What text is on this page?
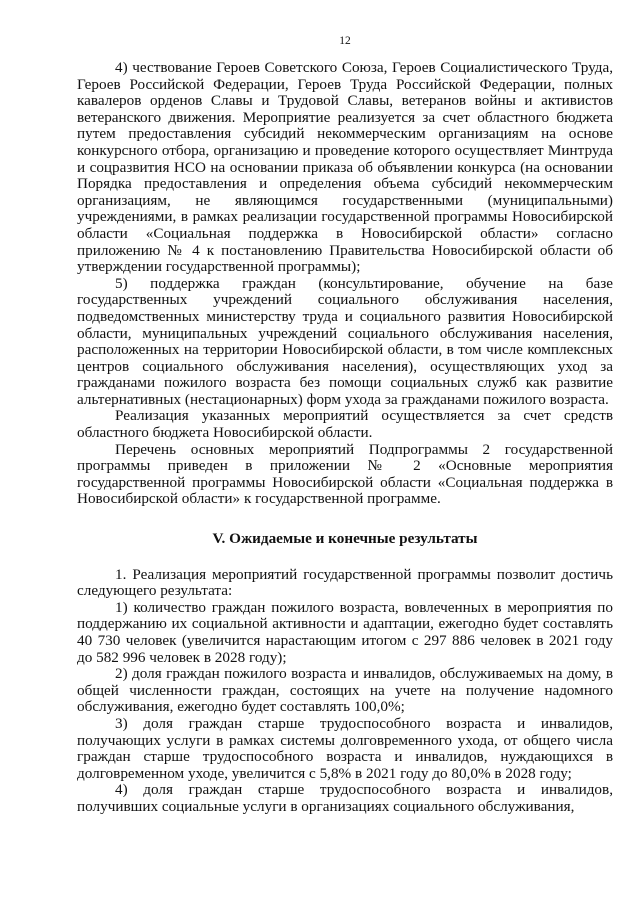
12

4) чествование Героев Советского Союза, Героев Социалистического Труда, Героев Российской Федерации, Героев Труда Российской Федерации, полных кавалеров орденов Славы и Трудовой Славы, ветеранов войны и активистов ветеранского движения. Мероприятие реализуется за счет областного бюджета путем предоставления субсидий некоммерческим организациям на основе конкурсного отбора, организацию и проведение которого осуществляет Минтруда и соцразвития НСО на основании приказа об объявлении конкурса (на основании Порядка предоставления и определения объема субсидий некоммерческим организациям, не являющимся государственными (муниципальными) учреждениями, в рамках реализации государственной программы Новосибирской области «Социальная поддержка в Новосибирской области» согласно приложению № 4 к постановлению Правительства Новосибирской области об утверждении государственной программы);

5) поддержка граждан (консультирование, обучение на базе государственных учреждений социального обслуживания населения, подведомственных министерству труда и социального развития Новосибирской области, муниципальных учреждений социального обслуживания населения, расположенных на территории Новосибирской области, в том числе комплексных центров социального обслуживания населения), осуществляющих уход за гражданами пожилого возраста без помощи социальных служб как развитие альтернативных (нестационарных) форм ухода за гражданами пожилого возраста.

Реализация указанных мероприятий осуществляется за счет средств областного бюджета Новосибирской области.

Перечень основных мероприятий Подпрограммы 2 государственной программы приведен в приложении № 2 «Основные мероприятия государственной программы Новосибирской области «Социальная поддержка в Новосибирской области» к государственной программе.

V. Ожидаемые и конечные результаты

1. Реализация мероприятий государственной программы позволит достичь следующего результата:

1) количество граждан пожилого возраста, вовлеченных в мероприятия по поддержанию их социальной активности и адаптации, ежегодно будет составлять 40 730 человек (увеличится нарастающим итогом с 297 886 человек в 2021 году до 582 996 человек в 2028 году);

2) доля граждан пожилого возраста и инвалидов, обслуживаемых на дому, в общей численности граждан, состоящих на учете на получение надомного обслуживания, ежегодно будет составлять 100,0%;

3) доля граждан старше трудоспособного возраста и инвалидов, получающих услуги в рамках системы долговременного ухода, от общего числа граждан старше трудоспособного возраста и инвалидов, нуждающихся в долговременном уходе, увеличится с 5,8% в 2021 году до 80,0% в 2028 году;

4) доля граждан старше трудоспособного возраста и инвалидов, получивших социальные услуги в организациях социального обслуживания,
